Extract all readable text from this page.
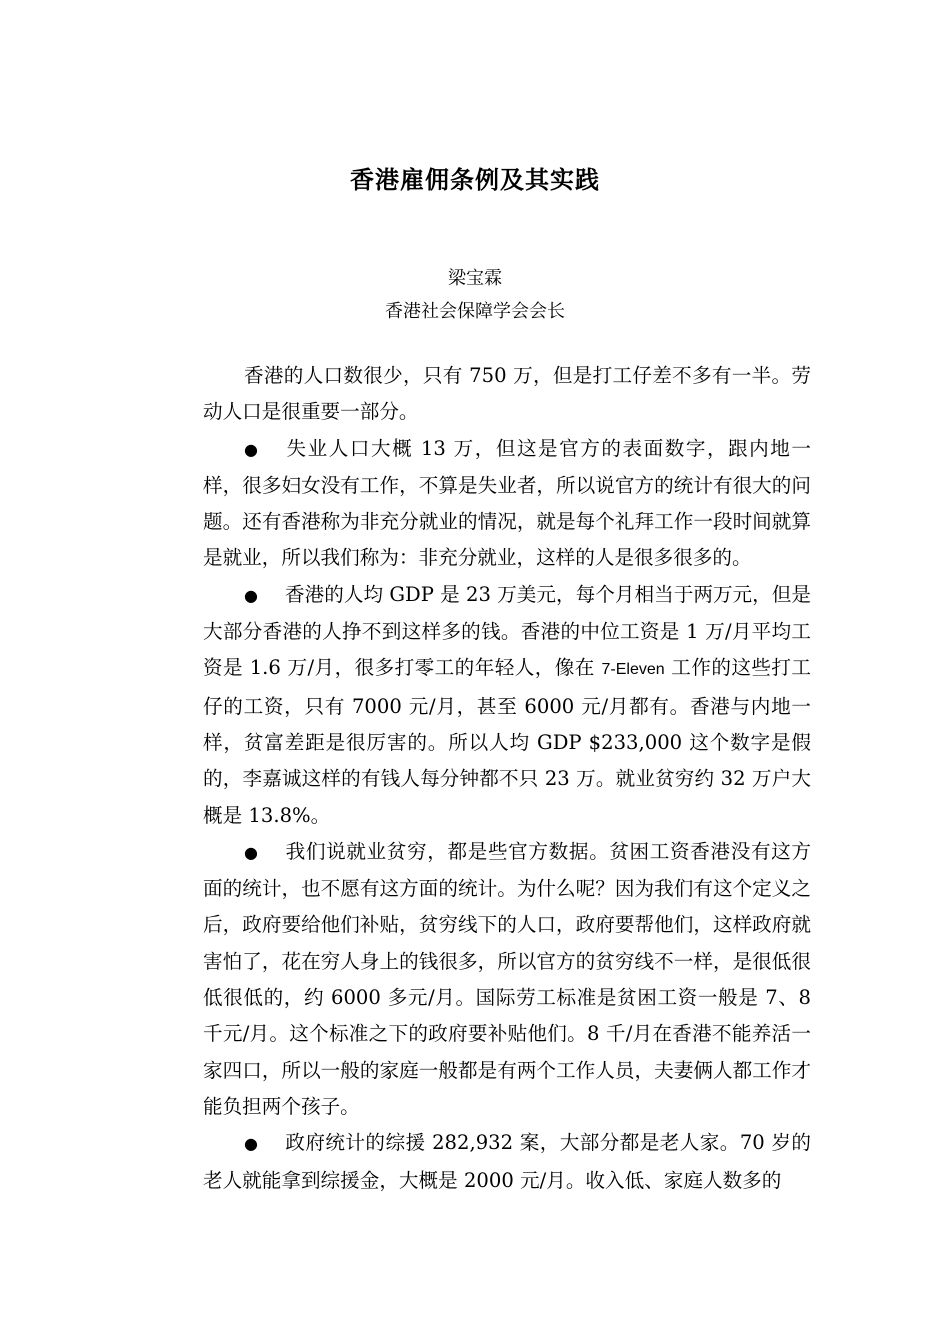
香港雇佣条例及其实践
梁宝霖
香港社会保障学会会长

香港的人口数很少，只有 750 万，但是打工仔差不多有一半。劳动人口是很重要一部分。

● 失业人口大概 13 万，但这是官方的表面数字，跟内地一样，很多妇女没有工作，不算是失业者，所以说官方的统计有很大的问题。还有香港称为非充分就业的情况，就是每个礼拜工作一段时间就算是就业，所以我们称为：非充分就业，这样的人是很多很多的。

● 香港的人均 GDP 是 23 万美元，每个月相当于两万元，但是大部分香港的人挣不到这样多的钱。香港的中位工资是 1 万/月平均工资是 1.6 万/月，很多打零工的年轻人，像在 7-Eleven 工作的这些打工仔的工资，只有 7000 元/月，甚至 6000 元/月都有。香港与内地一样，贫富差距是很厉害的。所以人均 GDP $233,000 这个数字是假的，李嘉诚这样的有钱人每分钟都不只 23 万。就业贫穷约 32 万户大概是 13.8%。

● 我们说就业贫穷，都是些官方数据。贫困工资香港没有这方面的统计，也不愿有这方面的统计。为什么呢？因为我们有这个定义之后，政府要给他们补贴，贫穷线下的人口，政府要帮他们，这样政府就害怕了，花在穷人身上的钱很多，所以官方的贫穷线不一样，是很低很低很低的，约 6000 多元/月。国际劳工标准是贫困工资一般是 7、8 千元/月。这个标准之下的政府要补贴他们。8 千/月在香港不能养活一家四口，所以一般的家庭一般都是有两个工作人员，夫妻俩人都工作才能负担两个孩子。

● 政府统计的综援 282,932 案，大部分都是老人家。70 岁的老人就能拿到综援金，大概是 2000 元/月。收入低、家庭人数多的
